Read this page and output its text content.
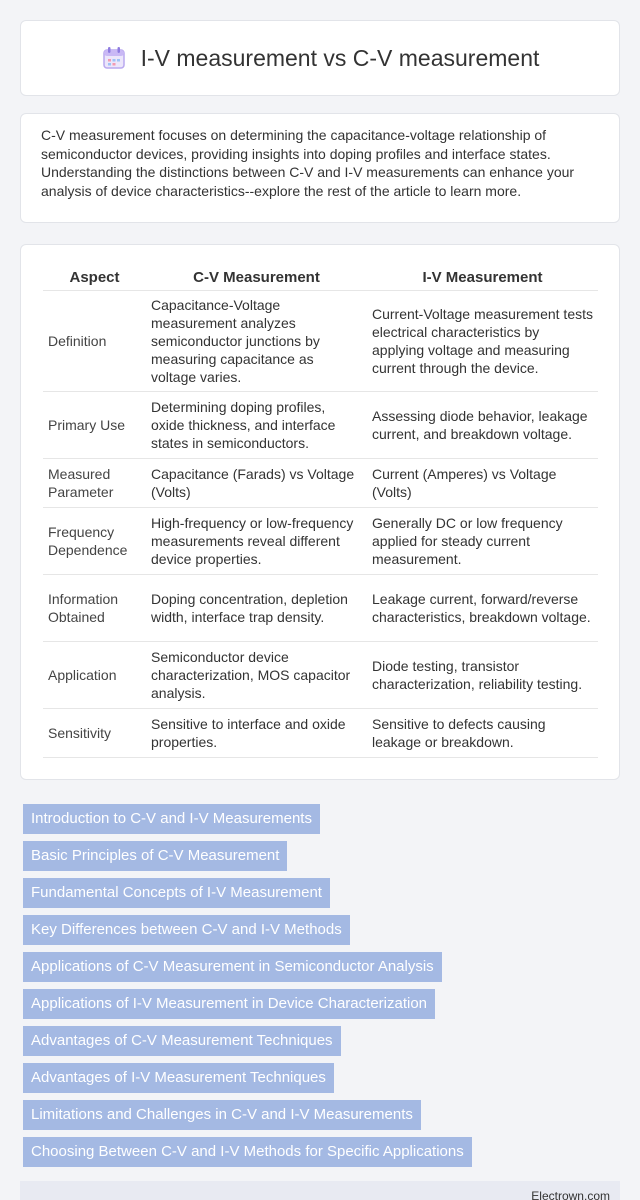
I-V measurement vs C-V measurement

C-V measurement focuses on determining the capacitance-voltage relationship of semiconductor devices, providing insights into doping profiles and interface states. Understanding the distinctions between C-V and I-V measurements can enhance your analysis of device characteristics--explore the rest of the article to learn more.

Aspect	C-V Measurement	I-V Measurement
Definition	Capacitance-Voltage measurement analyzes semiconductor junctions by measuring capacitance as voltage varies.	Current-Voltage measurement tests electrical characteristics by applying voltage and measuring current through the device.
Primary Use	Determining doping profiles, oxide thickness, and interface states in semiconductors.	Assessing diode behavior, leakage current, and breakdown voltage.
Measured Parameter	Capacitance (Farads) vs Voltage (Volts)	Current (Amperes) vs Voltage (Volts)
Frequency Dependence	High-frequency or low-frequency measurements reveal different device properties.	Generally DC or low frequency applied for steady current measurement.
Information Obtained	Doping concentration, depletion width, interface trap density.	Leakage current, forward/reverse characteristics, breakdown voltage.
Application	Semiconductor device characterization, MOS capacitor analysis.	Diode testing, transistor characterization, reliability testing.
Sensitivity	Sensitive to interface and oxide properties.	Sensitive to defects causing leakage or breakdown.
Introduction to C-V and I-V Measurements
Basic Principles of C-V Measurement
Fundamental Concepts of I-V Measurement
Key Differences between C-V and I-V Methods
Applications of C-V Measurement in Semiconductor Analysis
Applications of I-V Measurement in Device Characterization
Advantages of C-V Measurement Techniques
Advantages of I-V Measurement Techniques
Limitations and Challenges in C-V and I-V Measurements
Choosing Between C-V and I-V Methods for Specific Applications
Electrown.com
